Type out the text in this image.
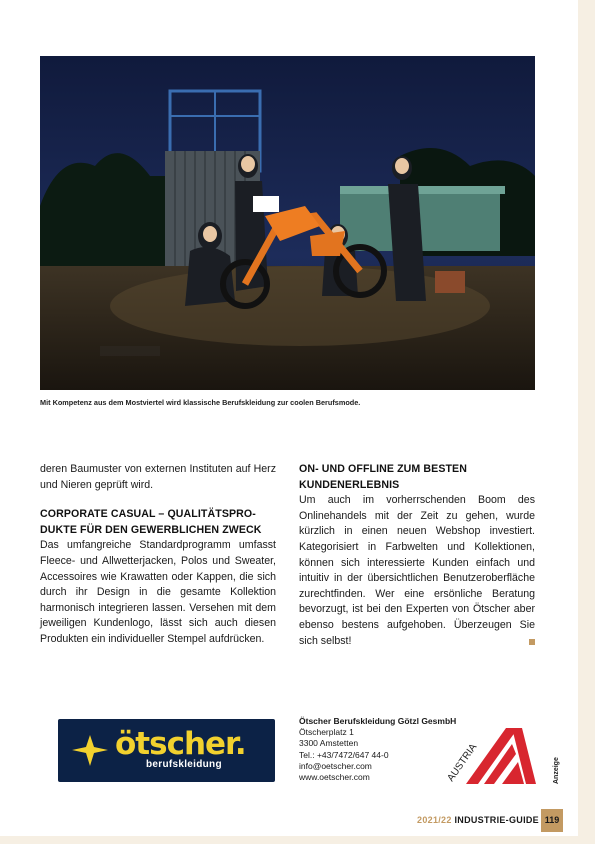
Mit Kompetenz aus dem Mostviertel wird klassische Berufskleidung zur coolen Berufsmode.

deren Baumuster von externen Instituten auf Herz und Nieren geprüft wird.

CORPORATE CASUAL – QUALITÄTSPRO- DUKTE FÜR DEN GEWERBLICHEN ZWECK

Das umfangreiche Standardprogramm umfasst Fleece- und Allwetterjacken, Polos und Sweater, Accessoires wie Krawatten oder Kappen, die sich durch ihr Design in die gesamte Kollektion harmonisch integrieren lassen. Versehen mit dem jeweiligen Kundenlogo, lässt sich auch diesen Produkten ein individueller Stempel aufdrücken.

ON- UND OFFLINE ZUM BESTEN KUNDENERLEBNIS

Um auch im vorherrschenden Boom des Onlinehandels mit der Zeit zu gehen, wurde kürzlich in einen neuen Webshop investiert. Kategorisiert in Farbwelten und Kollektionen, können sich interessierte Kunden einfach und intuitiv in der übersichtlichen Benutzeroberfläche zurechtfinden. Wer eine ersönliche Beratung bevorzugt, ist bei den Experten von Ötscher aber ebenso bestens aufgehoben. Überzeugen Sie sich selbst!

ötscher.
berufskleidung
Ötscher Berufskleidung Götzl GesmbH
Ötscherplatz 1
3300 Amstetten
Tel.: +43/7472/647 44-0
info@oetscher.com
www.oetscher.com	AUSTRIA	Anzeige
2021/22 INDUSTRIE-GUIDE 119
